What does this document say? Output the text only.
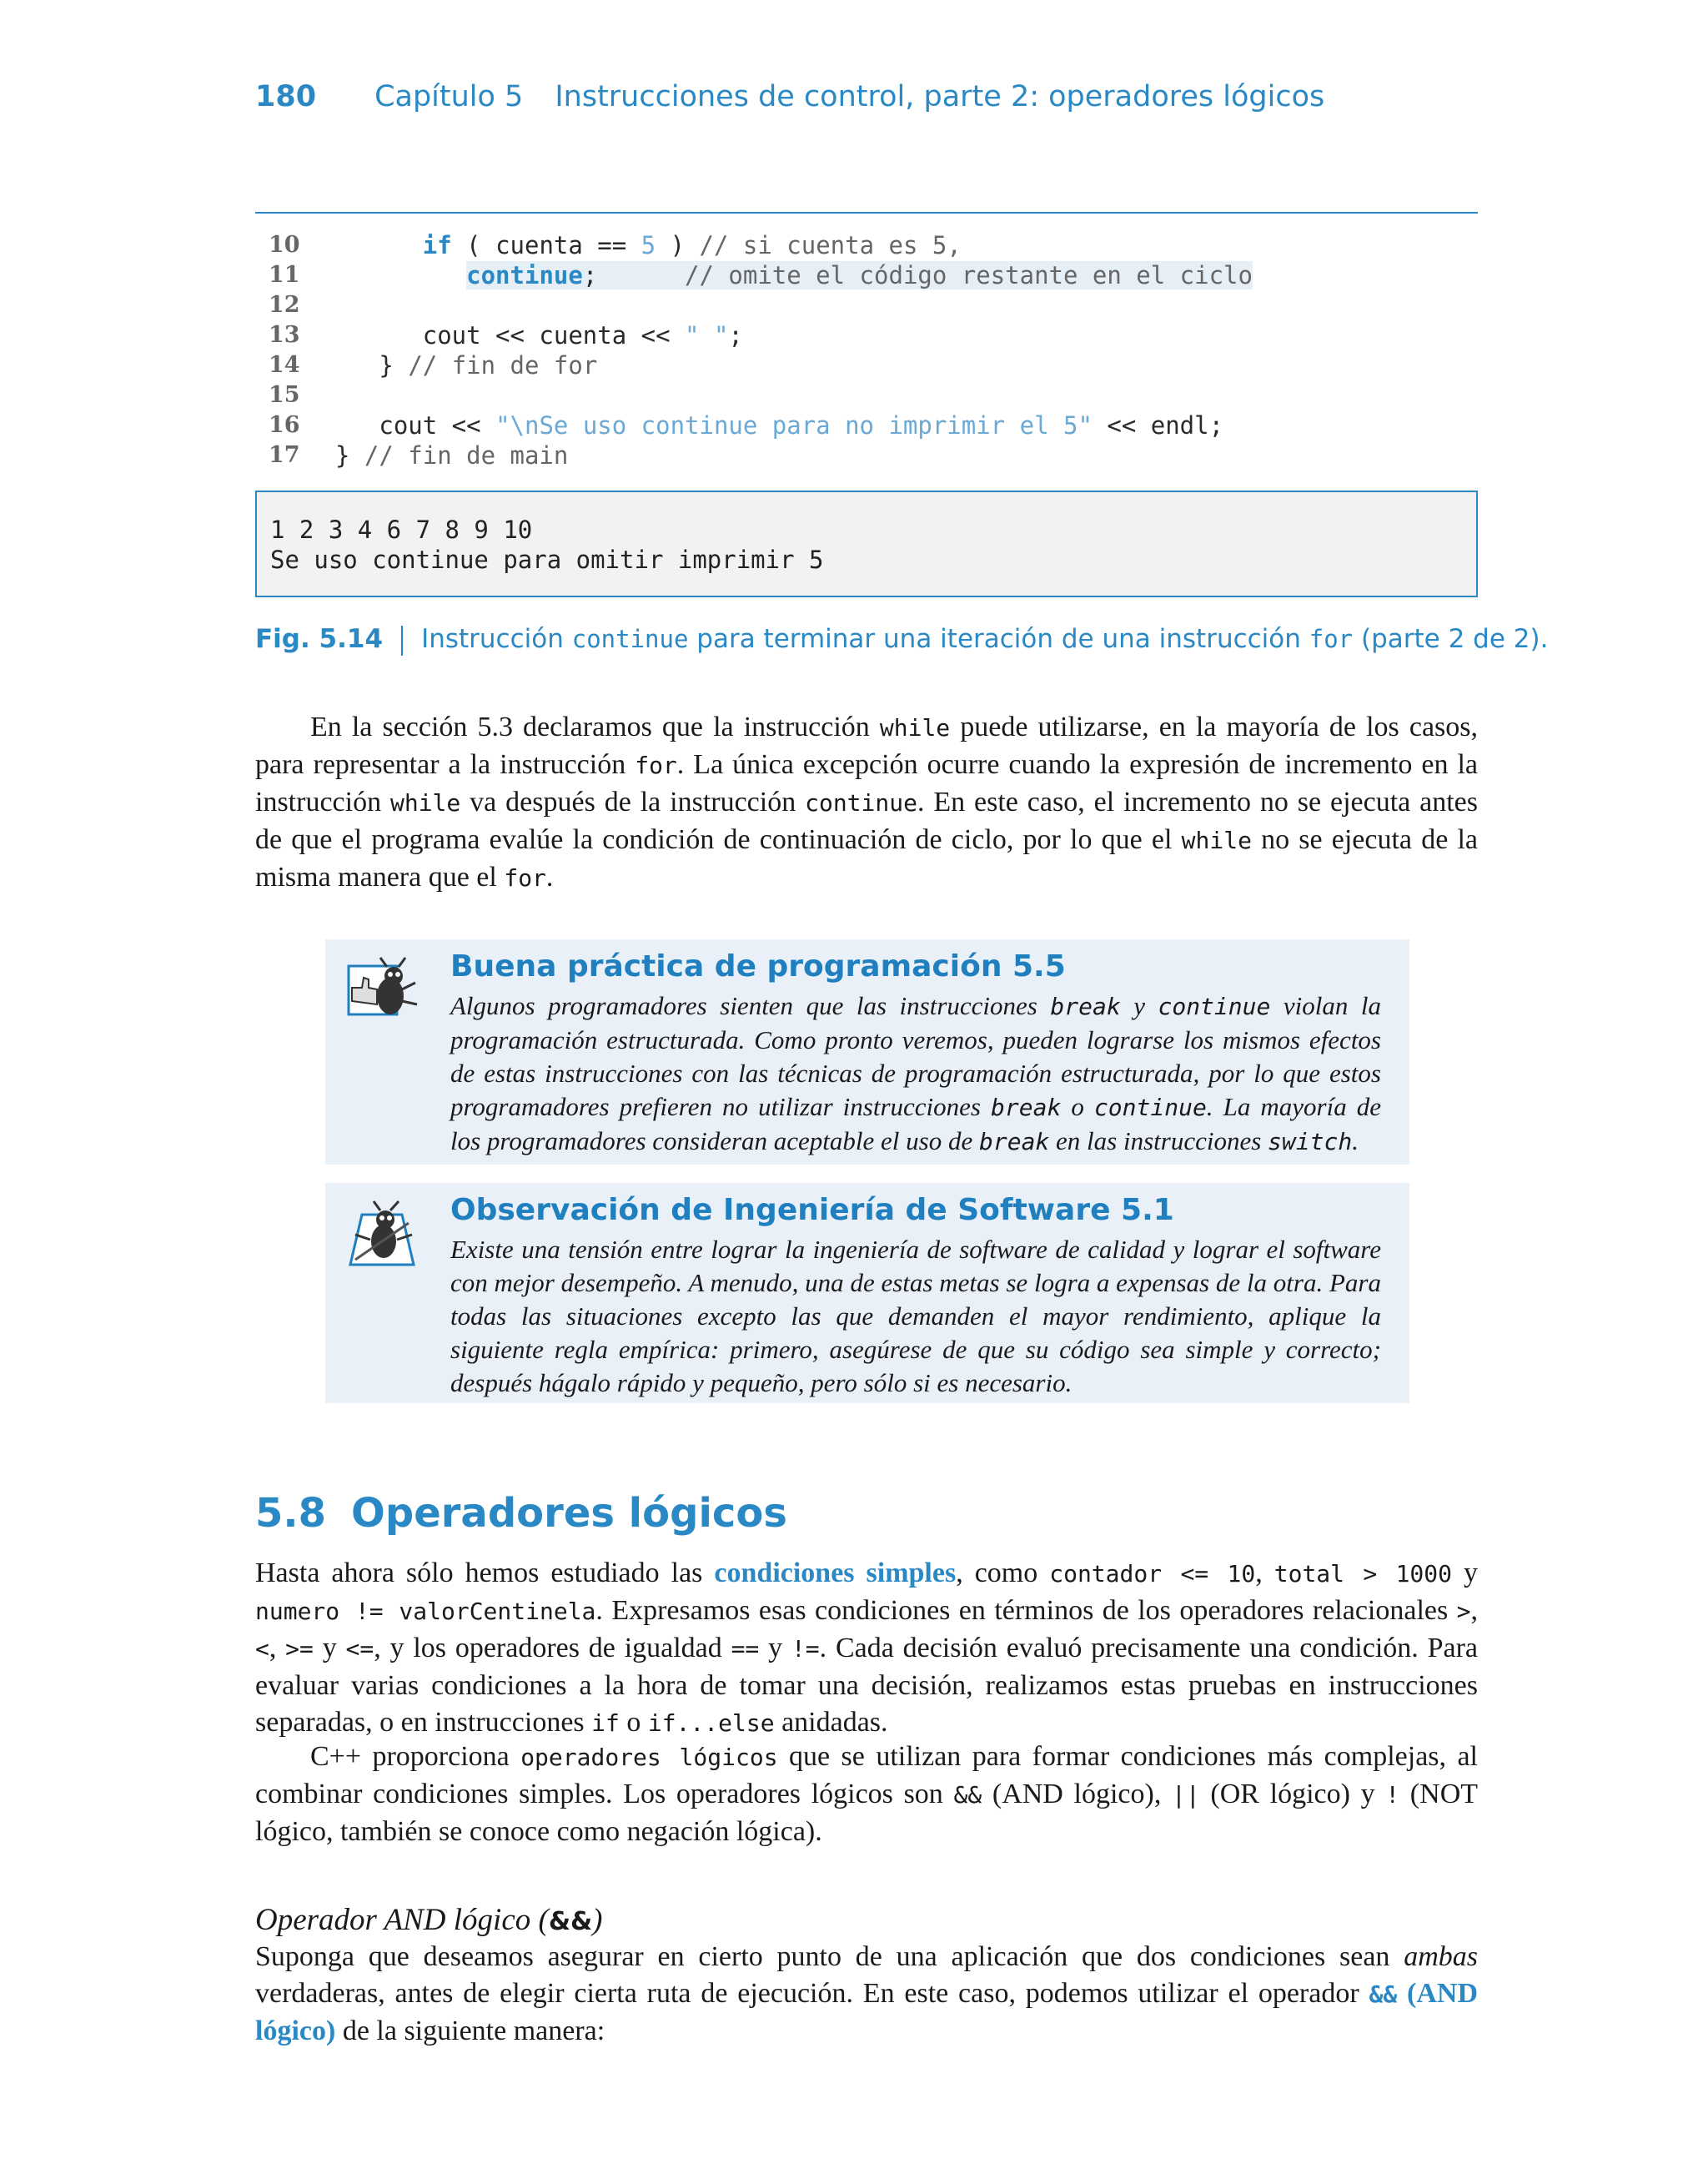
180 Capítulo 5 Instrucciones de control, parte 2: operadores lógicos
10	if ( cuenta == 5 ) // si cuenta es 5,
11	continue;      // omite el código restante en el ciclo
12
13	cout << cuenta << " ";
14	} // fin de for
15
16	cout << "\nSe uso continue para no imprimir el 5" << endl;
17	} // fin de main
1 2 3 4 6 7 8 9 10
Se uso continue para omitir imprimir 5
Fig. 5.14 Instrucción continue para terminar una iteración de una instrucción for (parte 2 de 2).
En la sección 5.3 declaramos que la instrucción while puede utilizarse, en la mayoría de los casos, para representar a la instrucción for. La única excepción ocurre cuando la expresión de incremento en la instrucción while va después de la instrucción continue. En este caso, el incremento no se ejecuta antes de que el programa evalúe la condición de continuación de ciclo, por lo que el while no se ejecuta de la misma manera que el for.
Buena práctica de programación 5.5
Algunos programadores sienten que las instrucciones break y continue violan la programación estructurada. Como pronto veremos, pueden lograrse los mismos efectos de estas instrucciones con las técnicas de programación estructurada, por lo que estos programadores prefieren no utilizar instrucciones break o continue. La mayoría de los programadores consideran aceptable el uso de break en las instrucciones switch.
Observación de Ingeniería de Software 5.1
Existe una tensión entre lograr la ingeniería de software de calidad y lograr el software con mejor desempeño. A menudo, una de estas metas se logra a expensas de la otra. Para todas las situaciones excepto las que demanden el mayor rendimiento, aplique la siguiente regla empírica: primero, asegúrese de que su código sea simple y correcto; después hágalo rápido y pequeño, pero sólo si es necesario.
5.8 Operadores lógicos
Hasta ahora sólo hemos estudiado las condiciones simples, como contador <= 10, total > 1000 y numero != valorCentinela. Expresamos esas condiciones en términos de los operadores relacionales >, <, >= y <=, y los operadores de igualdad == y !=. Cada decisión evaluó precisamente una condición. Para evaluar varias condiciones a la hora de tomar una decisión, realizamos estas pruebas en instrucciones separadas, o en instrucciones if o if...else anidadas.
C++ proporciona operadores lógicos que se utilizan para formar condiciones más complejas, al combinar condiciones simples. Los operadores lógicos son && (AND lógico), || (OR lógico) y ! (NOT lógico, también se conoce como negación lógica).
Operador AND lógico (&&)
Suponga que deseamos asegurar en cierto punto de una aplicación que dos condiciones sean ambas verdaderas, antes de elegir cierta ruta de ejecución. En este caso, podemos utilizar el operador && (AND lógico) de la siguiente manera:
